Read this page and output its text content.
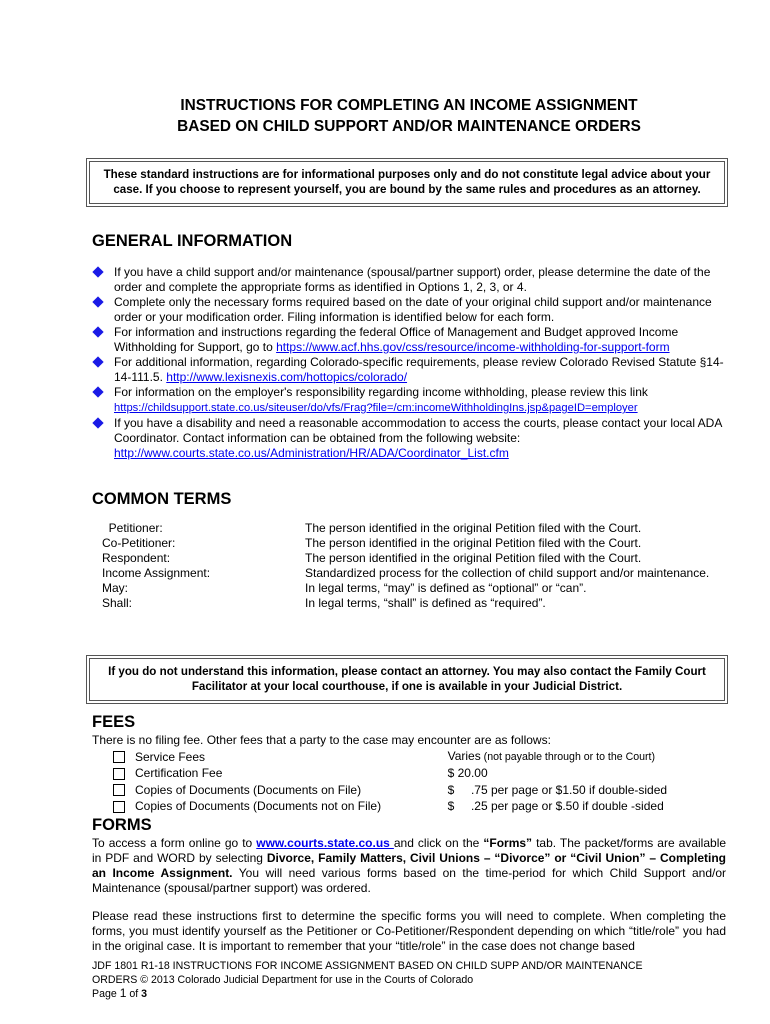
INSTRUCTIONS FOR COMPLETING AN INCOME ASSIGNMENT
BASED ON CHILD SUPPORT AND/OR MAINTENANCE ORDERS
These standard instructions are for informational purposes only and do not constitute legal advice about your case. If you choose to represent yourself, you are bound by the same rules and procedures as an attorney.
GENERAL INFORMATION
If you have a child support and/or maintenance (spousal/partner support) order, please determine the date of the order and complete the appropriate forms as identified in Options 1, 2, 3, or 4.
Complete only the necessary forms required based on the date of your original child support and/or maintenance order or your modification order. Filing information is identified below for each form.
For information and instructions regarding the federal Office of Management and Budget approved Income Withholding for Support, go to https://www.acf.hhs.gov/css/resource/income-withholding-for-support-form
For additional information, regarding Colorado-specific requirements, please review Colorado Revised Statute §14-14-111.5. http://www.lexisnexis.com/hottopics/colorado/
For information on the employer's responsibility regarding income withholding, please review this link
https://childsupport.state.co.us/siteuser/do/vfs/Frag?file=/cm:incomeWithholdingIns.jsp&pageID=employer
If you have a disability and need a reasonable accommodation to access the courts, please contact your local ADA Coordinator. Contact information can be obtained from the following website:
http://www.courts.state.co.us/Administration/HR/ADA/Coordinator_List.cfm
COMMON TERMS
Petitioner:	The person identified in the original Petition filed with the Court.
Co-Petitioner:	The person identified in the original Petition filed with the Court.
Respondent:	The person identified in the original Petition filed with the Court.
Income Assignment:	Standardized process for the collection of child support and/or maintenance.
May:	In legal terms, “may” is defined as “optional” or “can”.
Shall:	In legal terms, “shall” is defined as “required”.
If you do not understand this information, please contact an attorney. You may also contact the Family Court Facilitator at your local courthouse, if one is available in your Judicial District.
FEES
There is no filing fee. Other fees that a party to the case may encounter are as follows:
Service Fees	Varies (not payable through or to the Court)
Certification Fee	$ 20.00
Copies of Documents (Documents on File)	$     .75 per page or $1.50 if double-sided
Copies of Documents (Documents not on File)	$     .25 per page or $.50 if double -sided
FORMS
To access a form online go to www.courts.state.co.us and click on the “Forms” tab. The packet/forms are available in PDF and WORD by selecting Divorce, Family Matters, Civil Unions – “Divorce” or “Civil Union” – Completing an Income Assignment. You will need various forms based on the time-period for which Child Support and/or Maintenance (spousal/partner support) was ordered.
Please read these instructions first to determine the specific forms you will need to complete. When completing the forms, you must identify yourself as the Petitioner or Co-Petitioner/Respondent depending on which “title/role” you had in the original case. It is important to remember that your “title/role” in the case does not change based
JDF 1801 R1-18 INSTRUCTIONS FOR INCOME ASSIGNMENT BASED ON CHILD SUPP AND/OR MAINTENANCE
ORDERS © 2013 Colorado Judicial Department for use in the Courts of Colorado
Page 1 of 3
